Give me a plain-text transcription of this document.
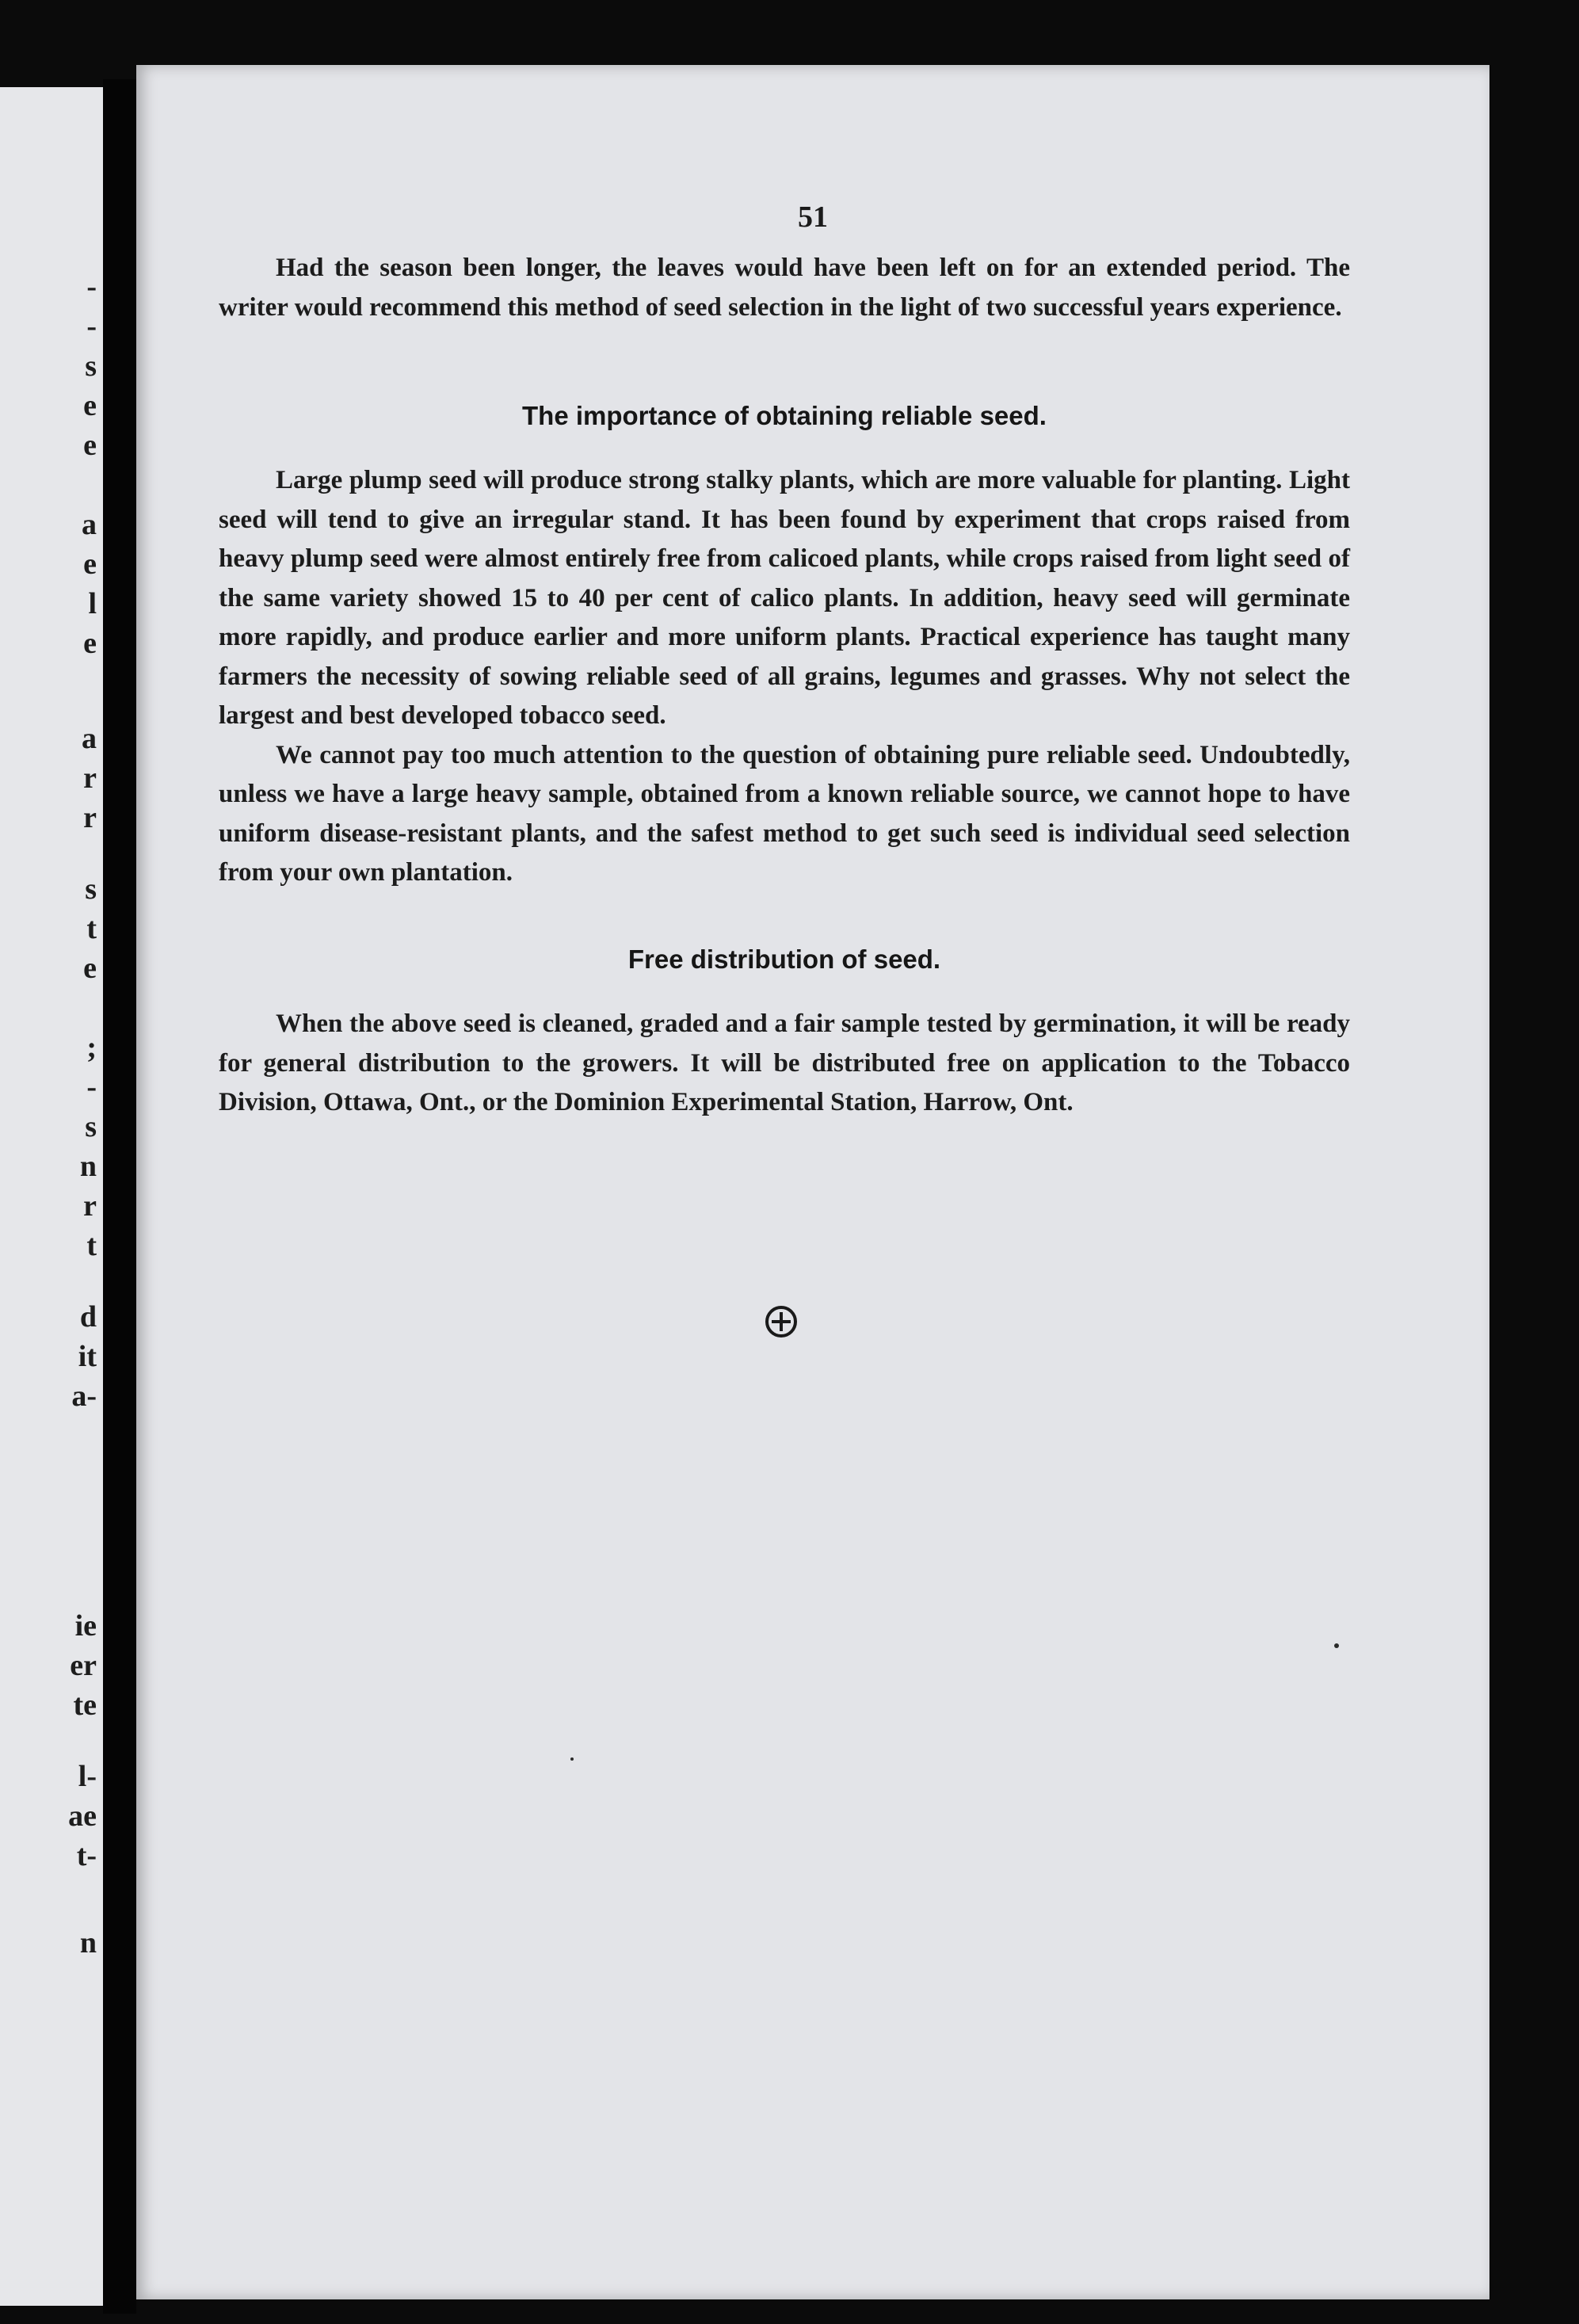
-
-
s
e
e
a
e
l
e
a
r
r
s
t
e
;
-
s
n
r
t
d
it
a-
ie
er
te
l-
ae
t-
n
51

Had the season been longer, the leaves would have been left on for an extended period. The writer would recommend this method of seed selection in the light of two successful years experience.

The importance of obtaining reliable seed.

Large plump seed will produce strong stalky plants, which are more valuable for planting. Light seed will tend to give an irregular stand. It has been found by experiment that crops raised from heavy plump seed were almost entirely free from calicoed plants, while crops raised from light seed of the same variety showed 15 to 40 per cent of calico plants. In addition, heavy seed will germinate more rapidly, and produce earlier and more uniform plants. Practical experience has taught many farmers the necessity of sowing reliable seed of all grains, legumes and grasses. Why not select the largest and best developed tobacco seed.

We cannot pay too much attention to the question of obtaining pure reliable seed. Undoubtedly, unless we have a large heavy sample, obtained from a known reliable source, we cannot hope to have uniform disease-resistant plants, and the safest method to get such seed is individual seed selection from your own plantation.

Free distribution of seed.

When the above seed is cleaned, graded and a fair sample tested by germination, it will be ready for general distribution to the growers. It will be distributed free on application to the Tobacco Division, Ottawa, Ont., or the Dominion Experimental Station, Harrow, Ont.
